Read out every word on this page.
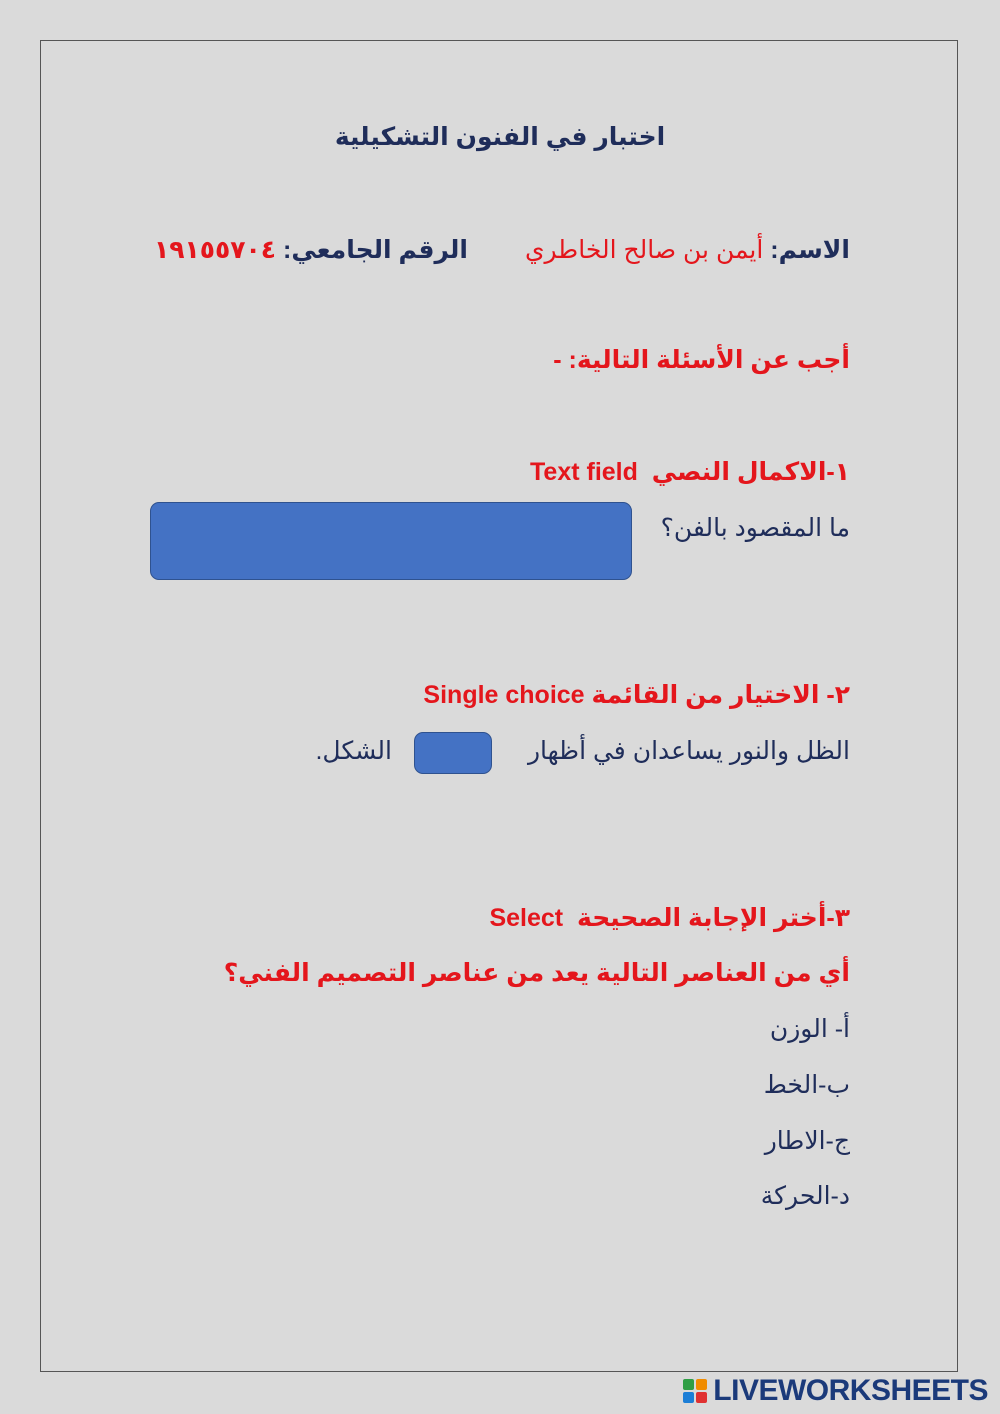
اختبار في الفنون التشكيلية
الاسم: أيمن بن صالح الخاطري
الرقم الجامعي: ١٩١٥٥٧٠٤
أجب عن الأسئلة التالية: -
١-الاكمال النصي  Text field
ما المقصود بالفن؟
٢- الاختيار من القائمة Single choice
الظل والنور يساعدان في أظهار
الشكل.
٣-أختر الإجابة الصحيحة  Select
أي من العناصر التالية يعد من عناصر التصميم الفني؟
أ- الوزن
ب-الخط
ج-الاطار
د-الحركة
LIVEWORKSHEETS
